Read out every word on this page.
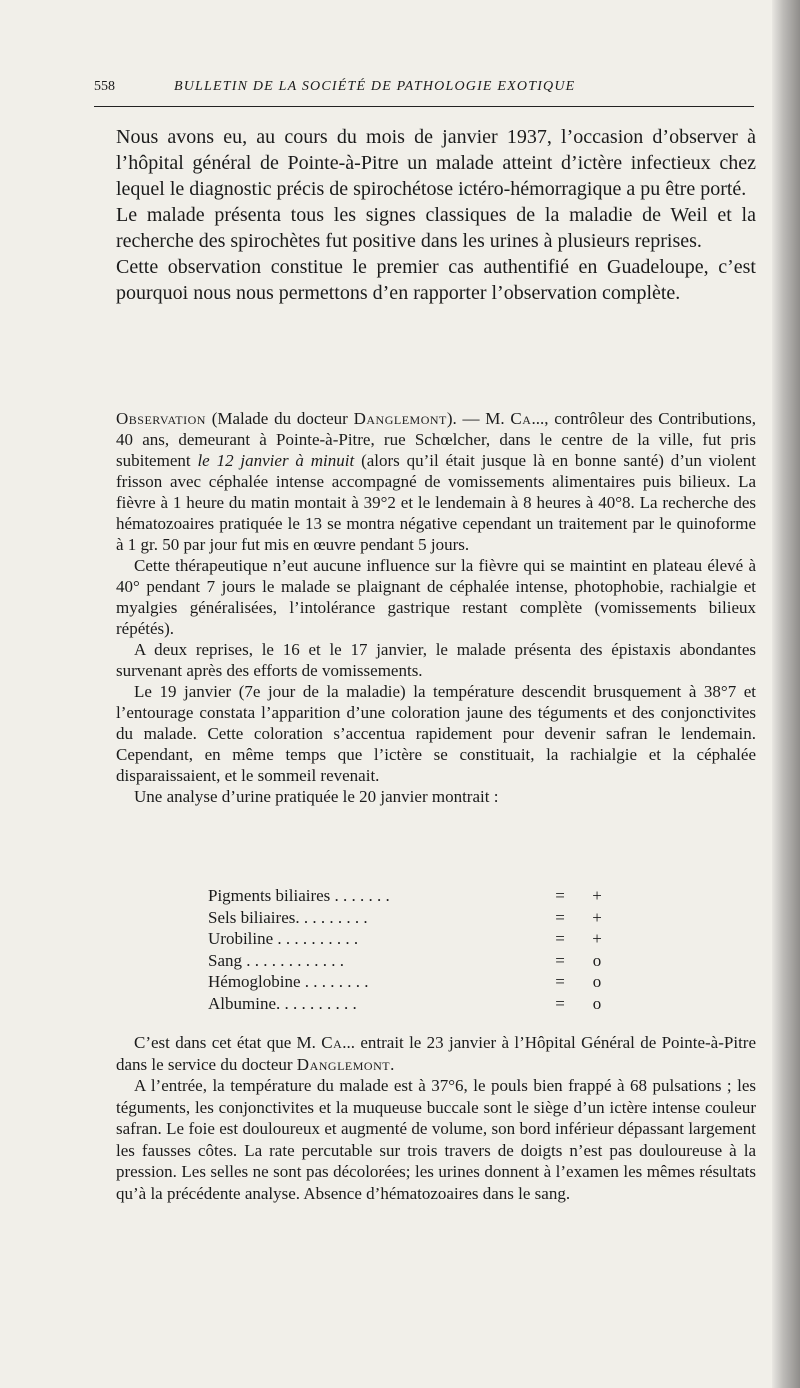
558	BULLETIN DE LA SOCIÉTÉ DE PATHOLOGIE EXOTIQUE

Nous avons eu, au cours du mois de janvier 1937, l’occasion d’observer à l’hôpital général de Pointe-à-Pitre un malade atteint d’ictère infectieux chez lequel le diagnostic précis de spirochétose ictéro-hémorragique a pu être porté.

Le malade présenta tous les signes classiques de la maladie de Weil et la recherche des spirochètes fut positive dans les urines à plusieurs reprises.

Cette observation constitue le premier cas authentifié en Guadeloupe, c’est pourquoi nous nous permettons d’en rapporter l’observation complète.

Observation (Malade du docteur Danglemont). — M. Ca..., contrôleur des Contributions, 40 ans, demeurant à Pointe-à-Pitre, rue Schœlcher, dans le centre de la ville, fut pris subitement le 12 janvier à minuit (alors qu’il était jusque là en bonne santé) d’un violent frisson avec céphalée intense accompagné de vomissements alimentaires puis bilieux. La fièvre à 1 heure du matin montait à 39°2 et le lendemain à 8 heures à 40°8. La recherche des hématozoaires pratiquée le 13 se montra négative cependant un traitement par le quinoforme à 1 gr. 50 par jour fut mis en œuvre pendant 5 jours.

Cette thérapeutique n’eut aucune influence sur la fièvre qui se maintint en plateau élevé à 40° pendant 7 jours le malade se plaignant de céphalée intense, photophobie, rachialgie et myalgies généralisées, l’intolérance gastrique restant complète (vomissements bilieux répétés).

A deux reprises, le 16 et le 17 janvier, le malade présenta des épistaxis abondantes survenant après des efforts de vomissements.

Le 19 janvier (7e jour de la maladie) la température descendit brusquement à 38°7 et l’entourage constata l’apparition d’une coloration jaune des téguments et des conjonctivites du malade. Cette coloration s’accentua rapidement pour devenir safran le lendemain. Cependant, en même temps que l’ictère se constituait, la rachialgie et la céphalée disparaissaient, et le sommeil revenait.

Une analyse d’urine pratiquée le 20 janvier montrait :

Pigments biliaires . . . . . . .	=	+
Sels biliaires. . . . . . . . .	=	+
Urobiline . . . . . . . . . .	=	+
Sang . . . . . . . . . . . .	=	o
Hémoglobine . . . . . . . .	=	o
Albumine. . . . . . . . . .	=	o

C’est dans cet état que M. Ca... entrait le 23 janvier à l’Hôpital Général de Pointe-à-Pitre dans le service du docteur Danglemont.

A l’entrée, la température du malade est à 37°6, le pouls bien frappé à 68 pulsations ; les téguments, les conjonctivites et la muqueuse buccale sont le siège d’un ictère intense couleur safran. Le foie est douloureux et augmenté de volume, son bord inférieur dépassant largement les fausses côtes. La rate percutable sur trois travers de doigts n’est pas douloureuse à la pression. Les selles ne sont pas décolorées; les urines donnent à l’examen les mêmes résultats qu’à la précédente analyse. Absence d’hématozoaires dans le sang.
